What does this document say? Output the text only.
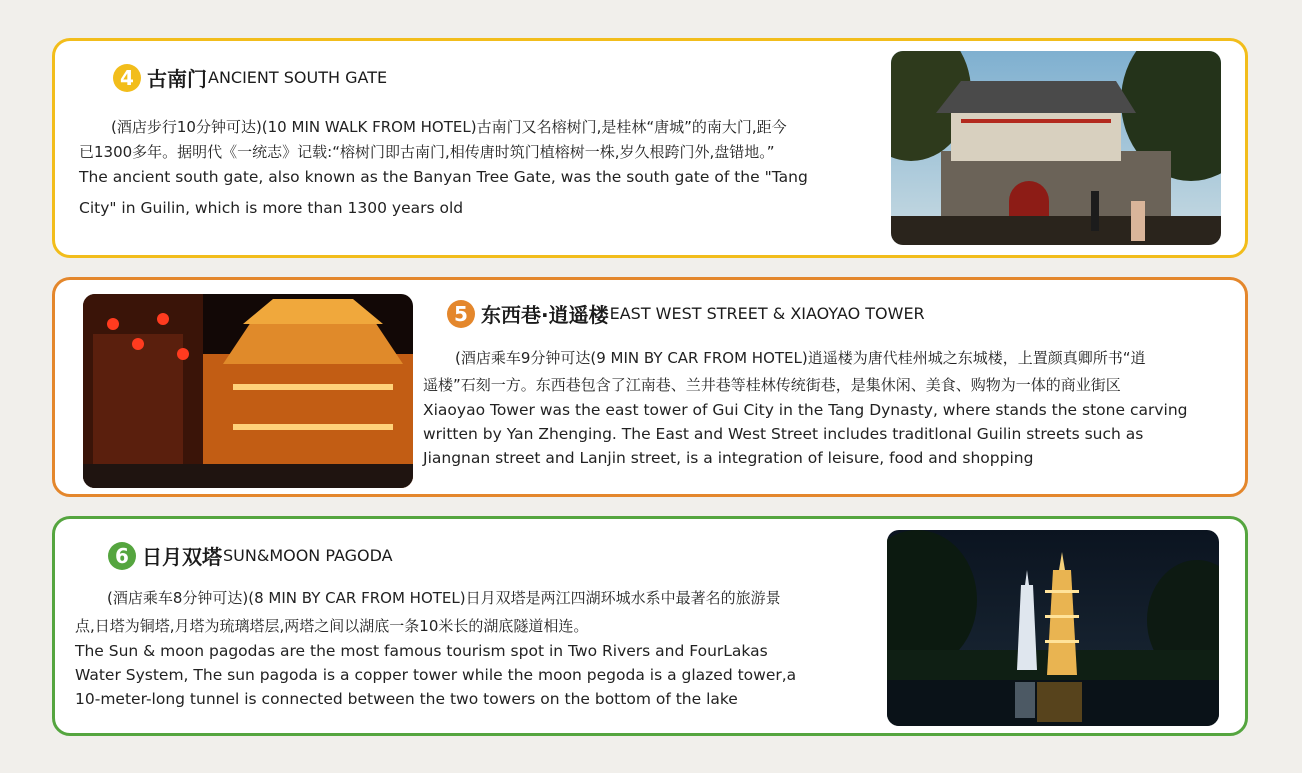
4 古南门 ANCIENT SOUTH GATE

(酒店步行10分钟可达)(10 MIN WALK FROM HOTEL)古南门又名榕树门,是桂林“唐城”的南大门,距今

已1300多年。据明代《一统志》记载:“榕树门即古南门,相传唐时筑门植榕树一株,岁久根跨门外,盘错地。”

The ancient south gate, also known as the Banyan Tree Gate, was the south gate of the "Tang

City" in Guilin, which is more than 1300 years old

5 东西巷·逍遥楼 EAST WEST STREET & XIAOYAO TOWER

(酒店乘车9分钟可达(9 MIN BY CAR FROM HOTEL)逍遥楼为唐代桂州城之东城楼，上置颜真卿所书“逍

遥楼”石刻一方。东西巷包含了江南巷、兰井巷等桂林传统街巷，是集休闲、美食、购物为一体的商业街区

Xiaoyao Tower was the east tower of Gui City in the Tang Dynasty, where stands the stone carving

written by Yan Zhenging. The East and West Street includes traditlonal Guilin streets such as

Jiangnan street and Lanjin street, is a integration of leisure, food and shopping

6 日月双塔 SUN&MOON PAGODA

(酒店乘车8分钟可达)(8 MIN BY CAR FROM HOTEL)日月双塔是两江四湖环城水系中最著名的旅游景

点,日塔为铜塔,月塔为琉璃塔层,两塔之间以湖底一条10米长的湖底隧道相连。

The Sun & moon pagodas are the most famous tourism spot in Two Rivers and FourLakas

Water System, The sun pagoda is a copper tower while the moon pegoda is a glazed tower,a

10-meter-long tunnel is connected between the two towers on the bottom of the lake
